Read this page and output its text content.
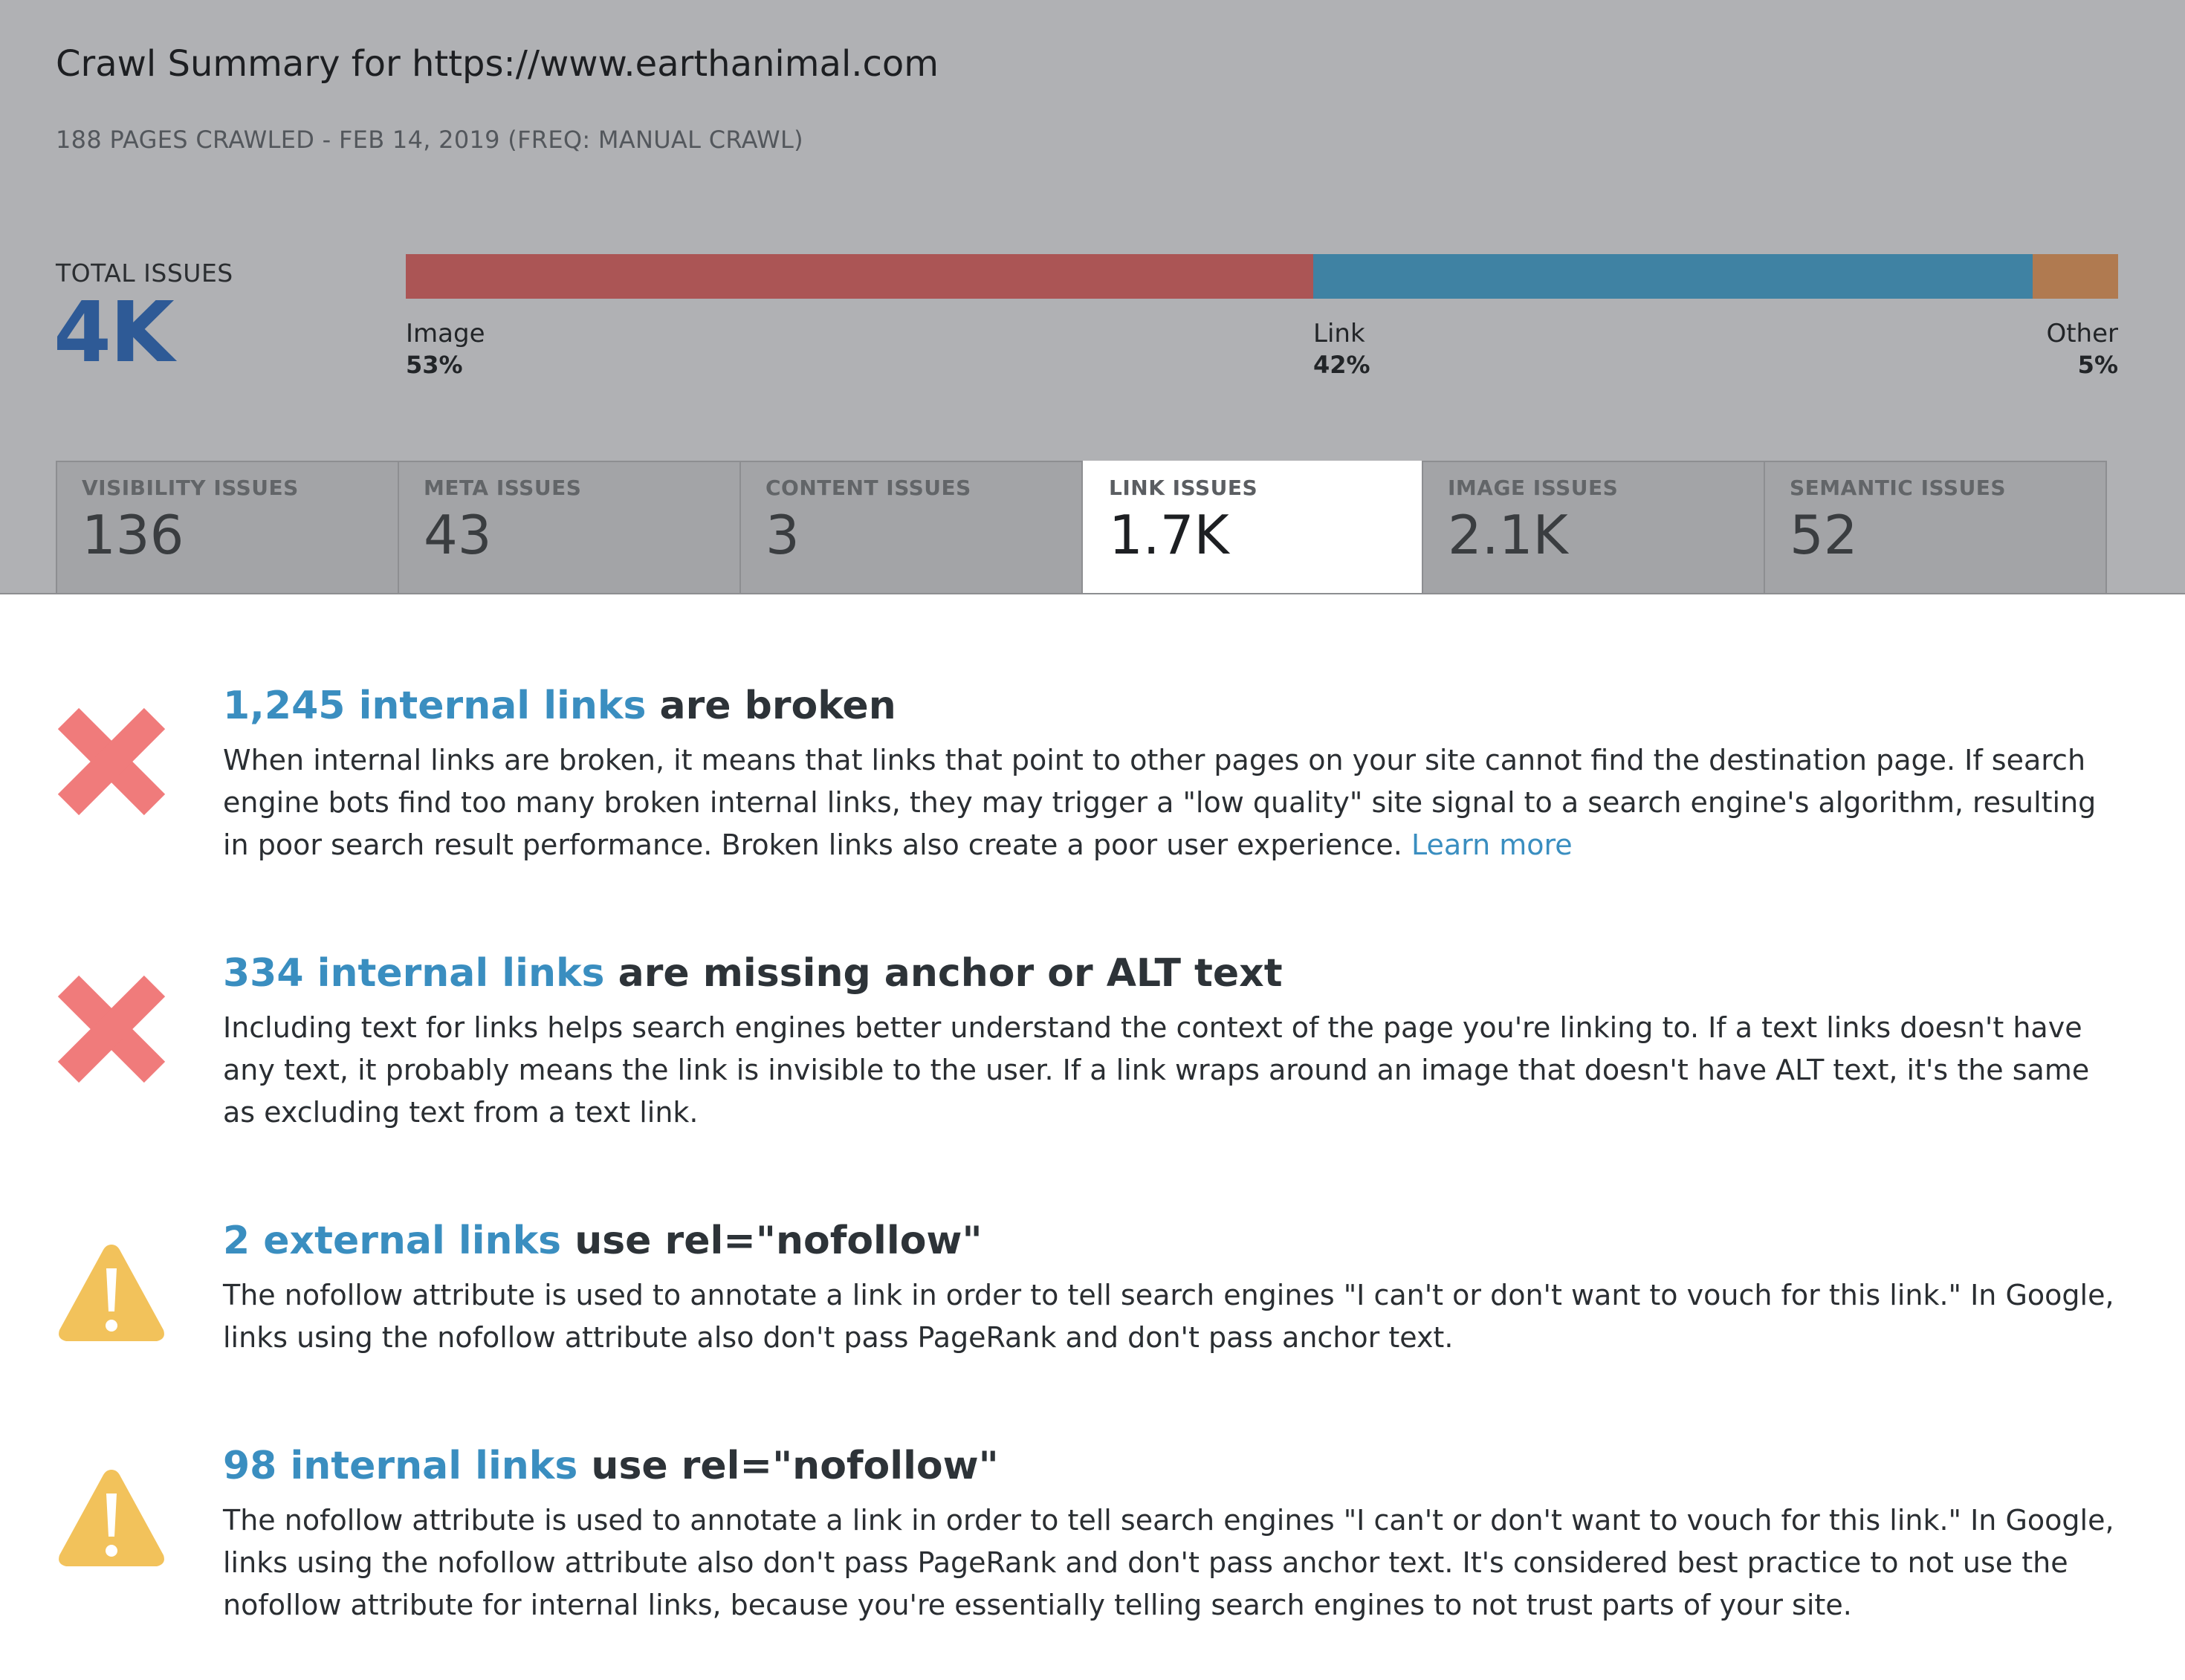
Crawl Summary for https://www.earthanimal.com
188 PAGES CRAWLED - FEB 14, 2019 (FREQ: MANUAL CRAWL)
TOTAL ISSUES
4K	Image
53%
Link
42%
Other
5%
VISIBILITY ISSUES
136
META ISSUES
43
CONTENT ISSUES
3
LINK ISSUES
1.7K
IMAGE ISSUES
2.1K
SEMANTIC ISSUES
52
1,245 internal links are broken
When internal links are broken, it means that links that point to other pages on your site cannot find the destination page. If search engine bots find too many broken internal links, they may trigger a "low quality" site signal to a search engine's algorithm, resulting in poor search result performance. Broken links also create a poor user experience. Learn more
334 internal links are missing anchor or ALT text
Including text for links helps search engines better understand the context of the page you're linking to. If a text links doesn't have any text, it probably means the link is invisible to the user. If a link wraps around an image that doesn't have ALT text, it's the same as excluding text from a text link.
2 external links use rel="nofollow"
The nofollow attribute is used to annotate a link in order to tell search engines "I can't or don't want to vouch for this link." In Google, links using the nofollow attribute also don't pass PageRank and don't pass anchor text.
98 internal links use rel="nofollow"
The nofollow attribute is used to annotate a link in order to tell search engines "I can't or don't want to vouch for this link." In Google, links using the nofollow attribute also don't pass PageRank and don't pass anchor text. It's considered best practice to not use the nofollow attribute for internal links, because you're essentially telling search engines to not trust parts of your site.
